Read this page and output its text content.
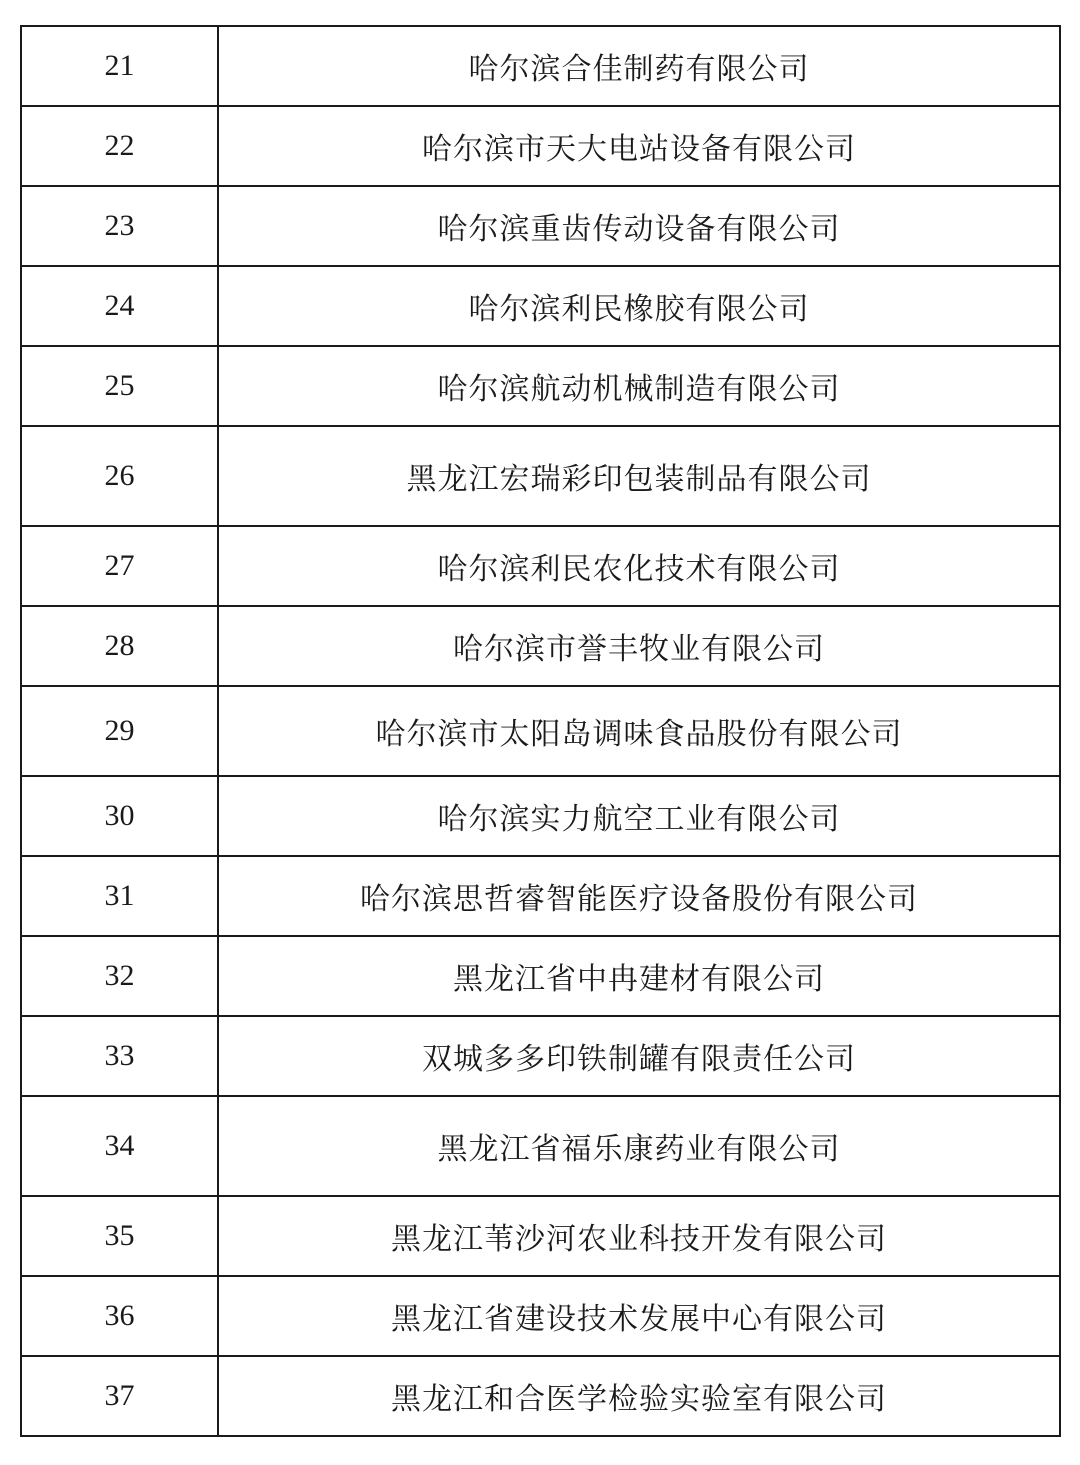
21	哈尔滨合佳制药有限公司
22	哈尔滨市天大电站设备有限公司
23	哈尔滨重齿传动设备有限公司
24	哈尔滨利民橡胶有限公司
25	哈尔滨航动机械制造有限公司
26	黑龙江宏瑞彩印包装制品有限公司
27	哈尔滨利民农化技术有限公司
28	哈尔滨市誉丰牧业有限公司
29	哈尔滨市太阳岛调味食品股份有限公司
30	哈尔滨实力航空工业有限公司
31	哈尔滨思哲睿智能医疗设备股份有限公司
32	黑龙江省中冉建材有限公司
33	双城多多印铁制罐有限责任公司
34	黑龙江省福乐康药业有限公司
35	黑龙江苇沙河农业科技开发有限公司
36	黑龙江省建设技术发展中心有限公司
37	黑龙江和合医学检验实验室有限公司
